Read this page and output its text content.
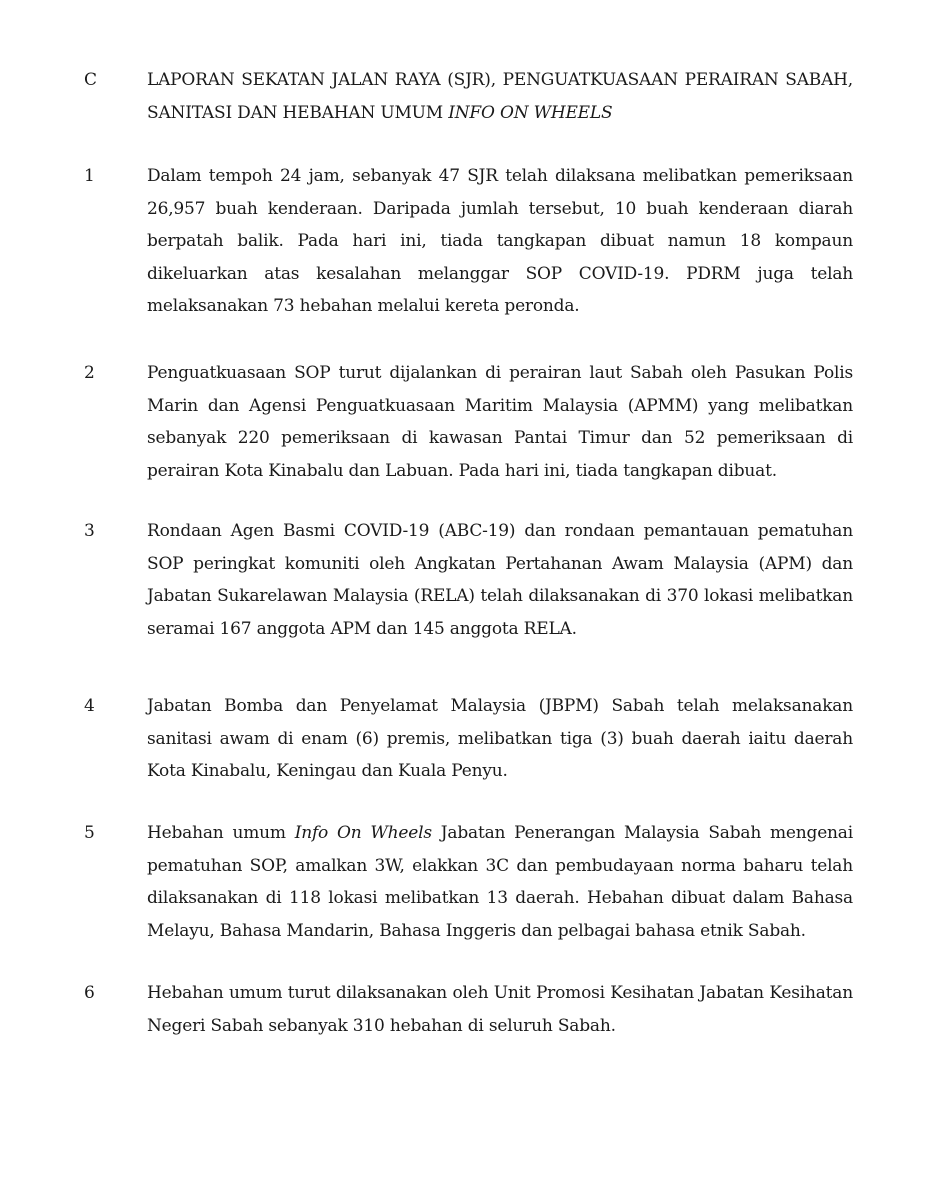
C	LAPORAN SEKATAN JALAN RAYA (SJR), PENGUATKUASAAN PERAIRAN SABAH, SANITASI DAN HEBAHAN UMUM INFO ON WHEELS
1	Dalam tempoh 24 jam, sebanyak 47 SJR telah dilaksana melibatkan pemeriksaan 26,957 buah kenderaan. Daripada jumlah tersebut, 10 buah kenderaan diarah berpatah balik. Pada hari ini, tiada tangkapan dibuat namun 18 kompaun dikeluarkan atas kesalahan melanggar SOP COVID-19. PDRM juga telah melaksanakan 73 hebahan melalui kereta peronda.
2	Penguatkuasaan SOP turut dijalankan di perairan laut Sabah oleh Pasukan Polis Marin dan Agensi Penguatkuasaan Maritim Malaysia (APMM) yang melibatkan sebanyak 220 pemeriksaan di kawasan Pantai Timur dan 52 pemeriksaan di perairan Kota Kinabalu dan Labuan. Pada hari ini, tiada tangkapan dibuat.
3	Rondaan Agen Basmi COVID-19 (ABC-19) dan rondaan pemantauan pematuhan SOP peringkat komuniti oleh Angkatan Pertahanan Awam Malaysia (APM) dan Jabatan Sukarelawan Malaysia (RELA) telah dilaksanakan di 370 lokasi melibatkan seramai 167 anggota APM dan 145 anggota RELA.
4	Jabatan Bomba dan Penyelamat Malaysia (JBPM) Sabah telah melaksanakan sanitasi awam di enam (6) premis, melibatkan tiga (3) buah daerah iaitu daerah Kota Kinabalu, Keningau dan Kuala Penyu.
5	Hebahan umum Info On Wheels Jabatan Penerangan Malaysia Sabah mengenai pematuhan SOP, amalkan 3W, elakkan 3C dan pembudayaan norma baharu telah dilaksanakan di 118 lokasi melibatkan 13 daerah. Hebahan dibuat dalam Bahasa Melayu, Bahasa Mandarin, Bahasa Inggeris dan pelbagai bahasa etnik Sabah.
6	Hebahan umum turut dilaksanakan oleh Unit Promosi Kesihatan Jabatan Kesihatan Negeri Sabah sebanyak 310 hebahan di seluruh Sabah.
